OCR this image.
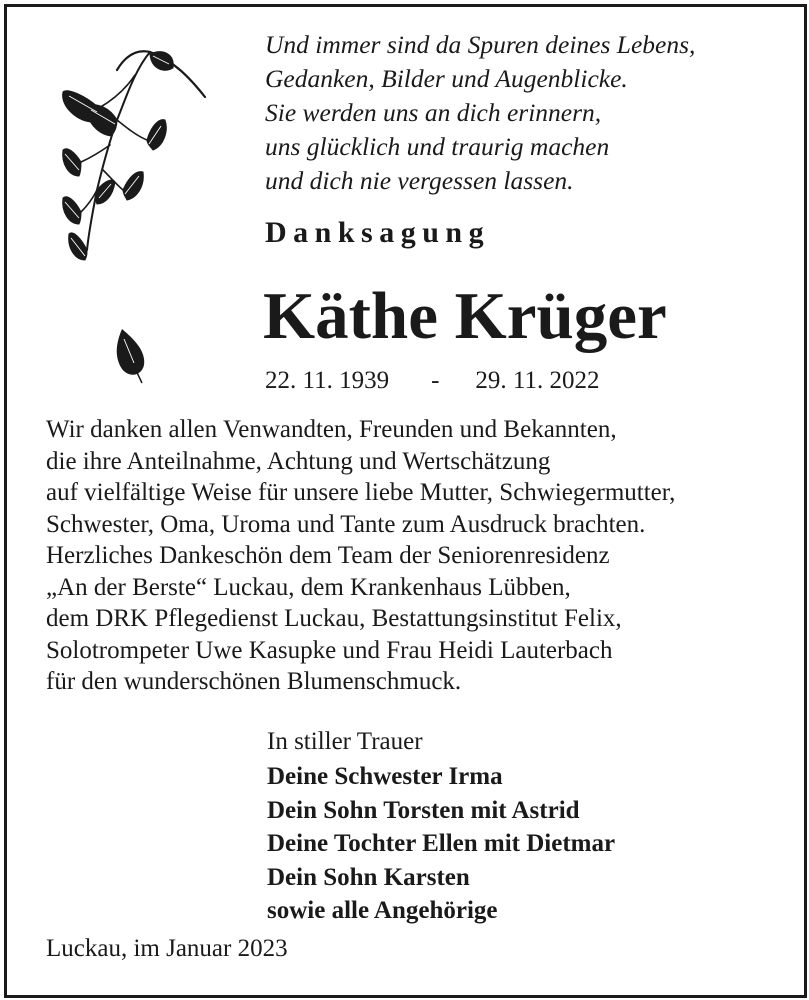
Und immer sind da Spuren deines Lebens,
Gedanken, Bilder und Augenblicke.
Sie werden uns an dich erinnern,
uns glücklich und traurig machen
und dich nie vergessen lassen.
Danksagung
Käthe Krüger
22. 11. 1939 - 29. 11. 2022
Wir danken allen Venwandten, Freunden und Bekannten,
die ihre Anteilnahme, Achtung und Wertschätzung
auf vielfältige Weise für unsere liebe Mutter, Schwiegermutter,
Schwester, Oma, Uroma und Tante zum Ausdruck brachten.
Herzliches Dankeschön dem Team der Seniorenresidenz
„An der Berste“ Luckau, dem Krankenhaus Lübben,
dem DRK Pflegedienst Luckau, Bestattungsinstitut Felix,
Solotrompeter Uwe Kasupke und Frau Heidi Lauterbach
für den wunderschönen Blumenschmuck.
In stiller Trauer
Deine Schwester Irma
Dein Sohn Torsten mit Astrid
Deine Tochter Ellen mit Dietmar
Dein Sohn Karsten
sowie alle Angehörige
Luckau, im Januar 2023
